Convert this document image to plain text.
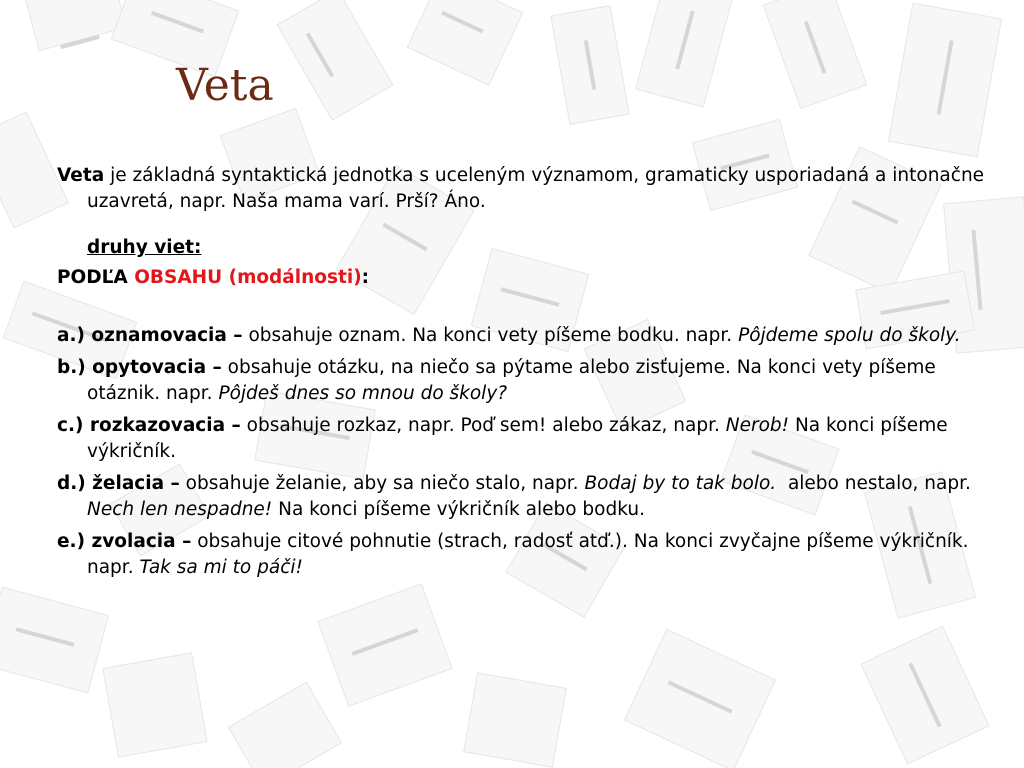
Veta

Veta je základná syntaktická jednotka s uceleným významom, gramaticky usporiadaná a intonačne uzavretá, napr. Naša mama varí. Prší? Áno.

druhy viet:

PODĽA OBSAHU (modálnosti):

a.) oznamovacia – obsahuje oznam. Na konci vety píšeme bodku. napr. Pôjdeme spolu do školy.

b.) opytovacia – obsahuje otázku, na niečo sa pýtame alebo zisťujeme. Na konci vety píšeme otáznik. napr. Pôjdeš dnes so mnou do školy?

c.) rozkazovacia – obsahuje rozkaz, napr. Poď sem! alebo zákaz, napr. Nerob! Na konci píšeme výkričník.

d.) želacia – obsahuje želanie, aby sa niečo stalo, napr. Bodaj by to tak bolo.  alebo nestalo, napr. Nech len nespadne! Na konci píšeme výkričník alebo bodku.

e.) zvolacia – obsahuje citové pohnutie (strach, radosť atď.). Na konci zvyčajne píšeme výkričník. napr. Tak sa mi to páči!
